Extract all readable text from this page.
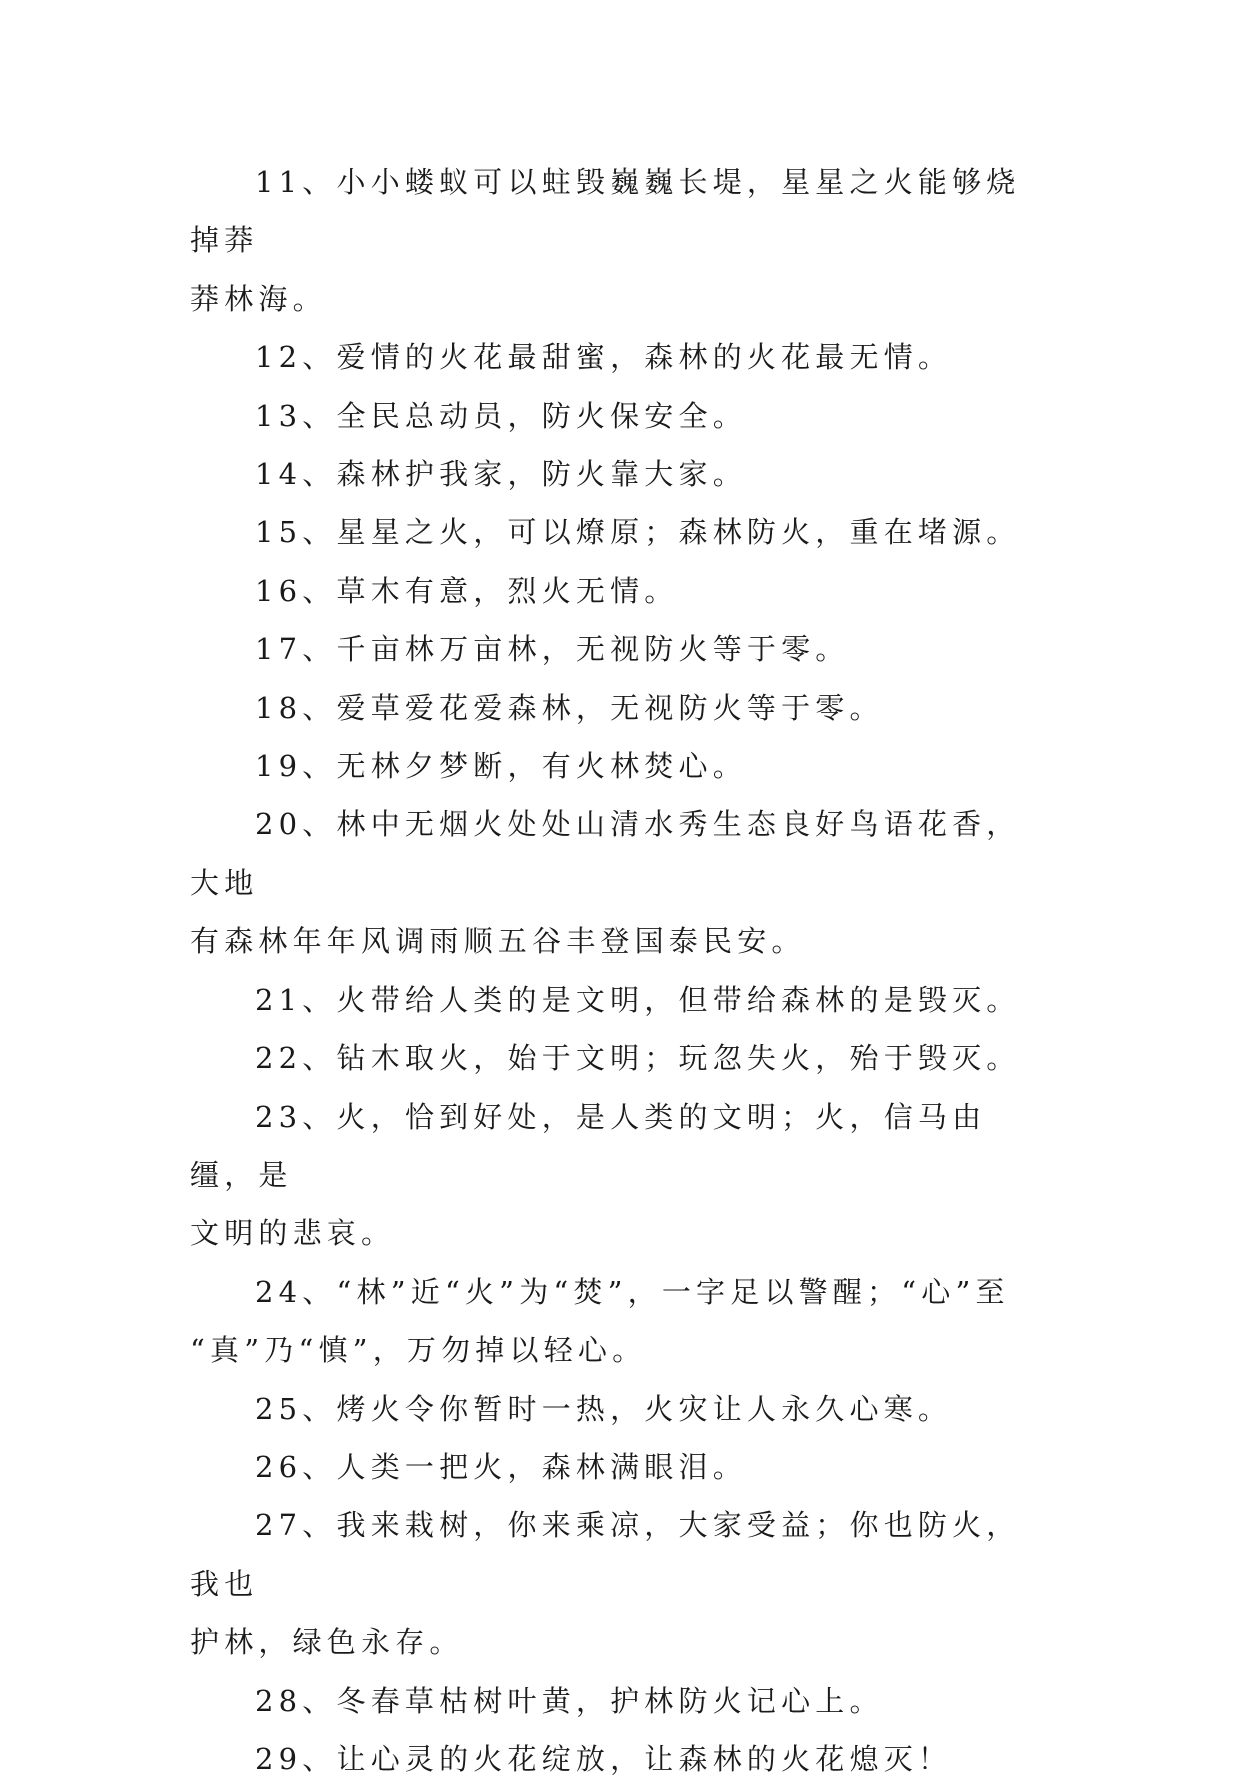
11、小小蝼蚁可以蛀毁巍巍长堤，星星之火能够烧掉莽
莽林海。

12、爱情的火花最甜蜜，森林的火花最无情。

13、全民总动员，防火保安全。

14、森林护我家，防火靠大家。

15、星星之火，可以燎原；森林防火，重在堵源。

16、草木有意，烈火无情。

17、千亩林万亩林，无视防火等于零。

18、爱草爱花爱森林，无视防火等于零。

19、无林夕梦断，有火林焚心。

20、林中无烟火处处山清水秀生态良好鸟语花香，大地
有森林年年风调雨顺五谷丰登国泰民安。

21、火带给人类的是文明，但带给森林的是毁灭。

22、钻木取火，始于文明；玩忽失火，殆于毁灭。

23、火，恰到好处，是人类的文明；火，信马由缰，是
文明的悲哀。

24、“林”近“火”为“焚”，一字足以警醒；“心”至
“真”乃“慎”，万勿掉以轻心。

25、烤火令你暂时一热，火灾让人永久心寒。

26、人类一把火，森林满眼泪。

27、我来栽树，你来乘凉，大家受益；你也防火，我也
护林，绿色永存。

28、冬春草枯树叶黄，护林防火记心上。

29、让心灵的火花绽放，让森林的火花熄灭！
